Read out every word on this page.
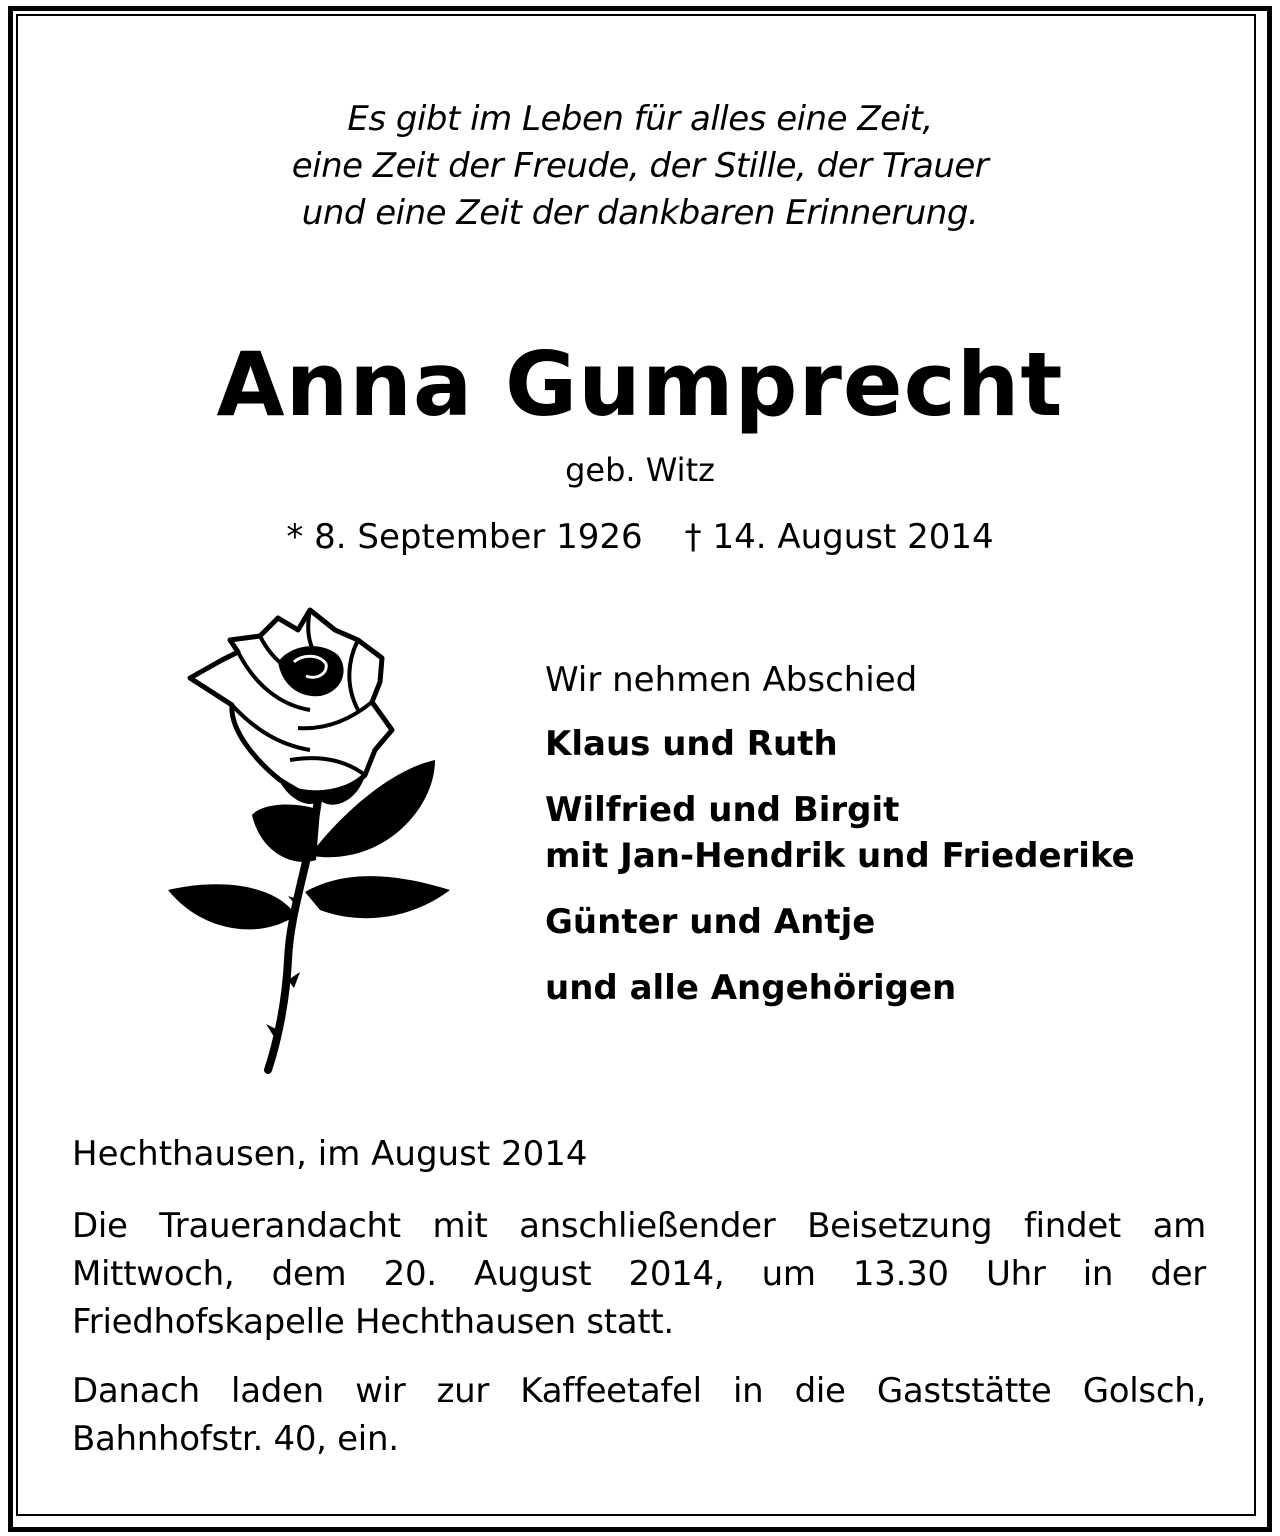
Es gibt im Leben für alles eine Zeit,
eine Zeit der Freude, der Stille, der Trauer
und eine Zeit der dankbaren Erinnerung.
Anna Gumprecht
geb. Witz
* 8. September 1926 † 14. August 2014
Wir nehmen Abschied
Klaus und Ruth
Wilfried und Birgit
mit Jan-Hendrik und Friederike
Günter und Antje
und alle Angehörigen
Hechthausen, im August 2014
Die Trauerandacht mit anschließender Beisetzung findet am Mittwoch, dem 20. August 2014, um 13.30 Uhr in der Friedhofskapelle Hechthausen statt.
Danach laden wir zur Kaffeetafel in die Gaststätte Golsch, Bahnhofstr. 40, ein.
